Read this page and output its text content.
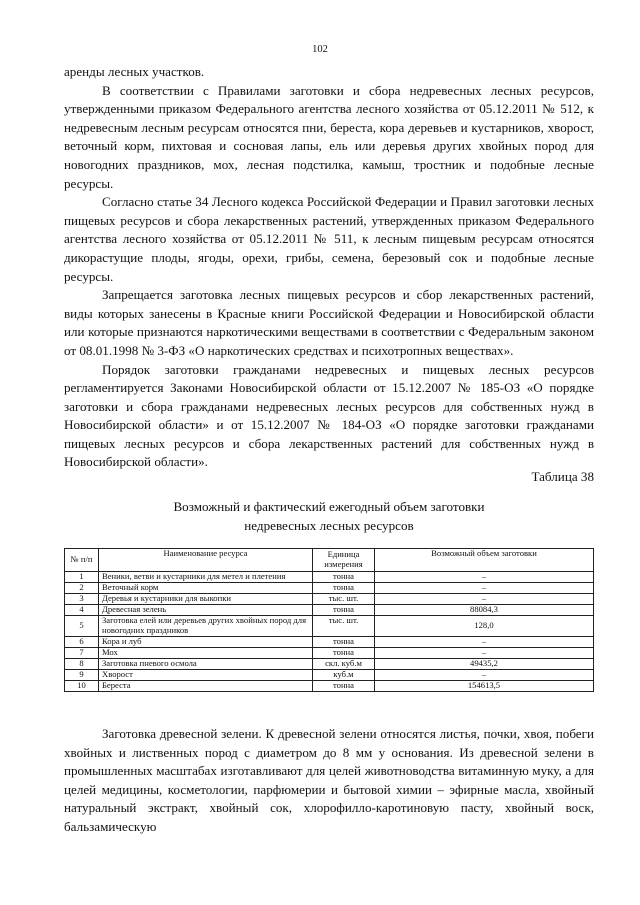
102

аренды лесных участков.

В соответствии с Правилами заготовки и сбора недревесных лесных ресурсов, утвержденными приказом Федерального агентства лесного хозяйства от 05.12.2011 № 512, к недревесным лесным ресурсам относятся пни, береста, кора деревьев и кустарников, хворост, веточный корм, пихтовая и сосновая лапы, ель или деревья других хвойных пород для новогодних праздников, мох, лесная подстилка, камыш, тростник и подобные лесные ресурсы.

Согласно статье 34 Лесного кодекса Российской Федерации и Правил заготовки лесных пищевых ресурсов и сбора лекарственных растений, утвержденных приказом Федерального агентства лесного хозяйства от 05.12.2011 № 511, к лесным пищевым ресурсам относятся дикорастущие плоды, ягоды, орехи, грибы, семена, березовый сок и подобные лесные ресурсы.

Запрещается заготовка лесных пищевых ресурсов и сбор лекарственных растений, виды которых занесены в Красные книги Российской Федерации и Новосибирской области или которые признаются наркотическими веществами в соответствии с Федеральным законом от 08.01.1998 № 3-ФЗ «О наркотических средствах и психотропных веществах».

Порядок заготовки гражданами недревесных и пищевых лесных ресурсов регламентируется Законами Новосибирской области от 15.12.2007 № 185-ОЗ «О порядке заготовки и сбора гражданами недревесных лесных ресурсов для собственных нужд в Новосибирской области» и от 15.12.2007 № 184-ОЗ «О порядке заготовки гражданами пищевых лесных ресурсов и сбора лекарственных растений для собственных нужд в Новосибирской области».

Таблица 38
Возможный и фактический ежегодный объем заготовки
недревесных лесных ресурсов
№ п/п	Наименование ресурса	Единица измерения	Возможный объем заготовки
1	Веники, ветви и кустарники для метел и плетения	тонна	–
2	Веточный корм	тонна	–
3	Деревья и кустарники для выкопки	тыс. шт.	–
4	Древесная зелень	тонна	88084,3
5	Заготовка елей или деревьев других хвойных пород для новогодних праздников	тыс. шт.	128,0
6	Кора и луб	тонна	–
7	Мох	тонна	–
8	Заготовка пневого осмола	скл. куб.м	49435,2
9	Хворост	куб.м	–
10	Береста	тонна	154613,5

Заготовка древесной зелени. К древесной зелени относятся листья, почки, хвоя, побеги хвойных и лиственных пород с диаметром до 8 мм у основания. Из древесной зелени в промышленных масштабах изготавливают для целей животноводства витаминную муку, а для целей медицины, косметологии, парфюмерии и бытовой химии – эфирные масла, хвойный натуральный экстракт, хвойный сок, хлорофилло-каротиновую пасту, хвойный воск, бальзамическую
